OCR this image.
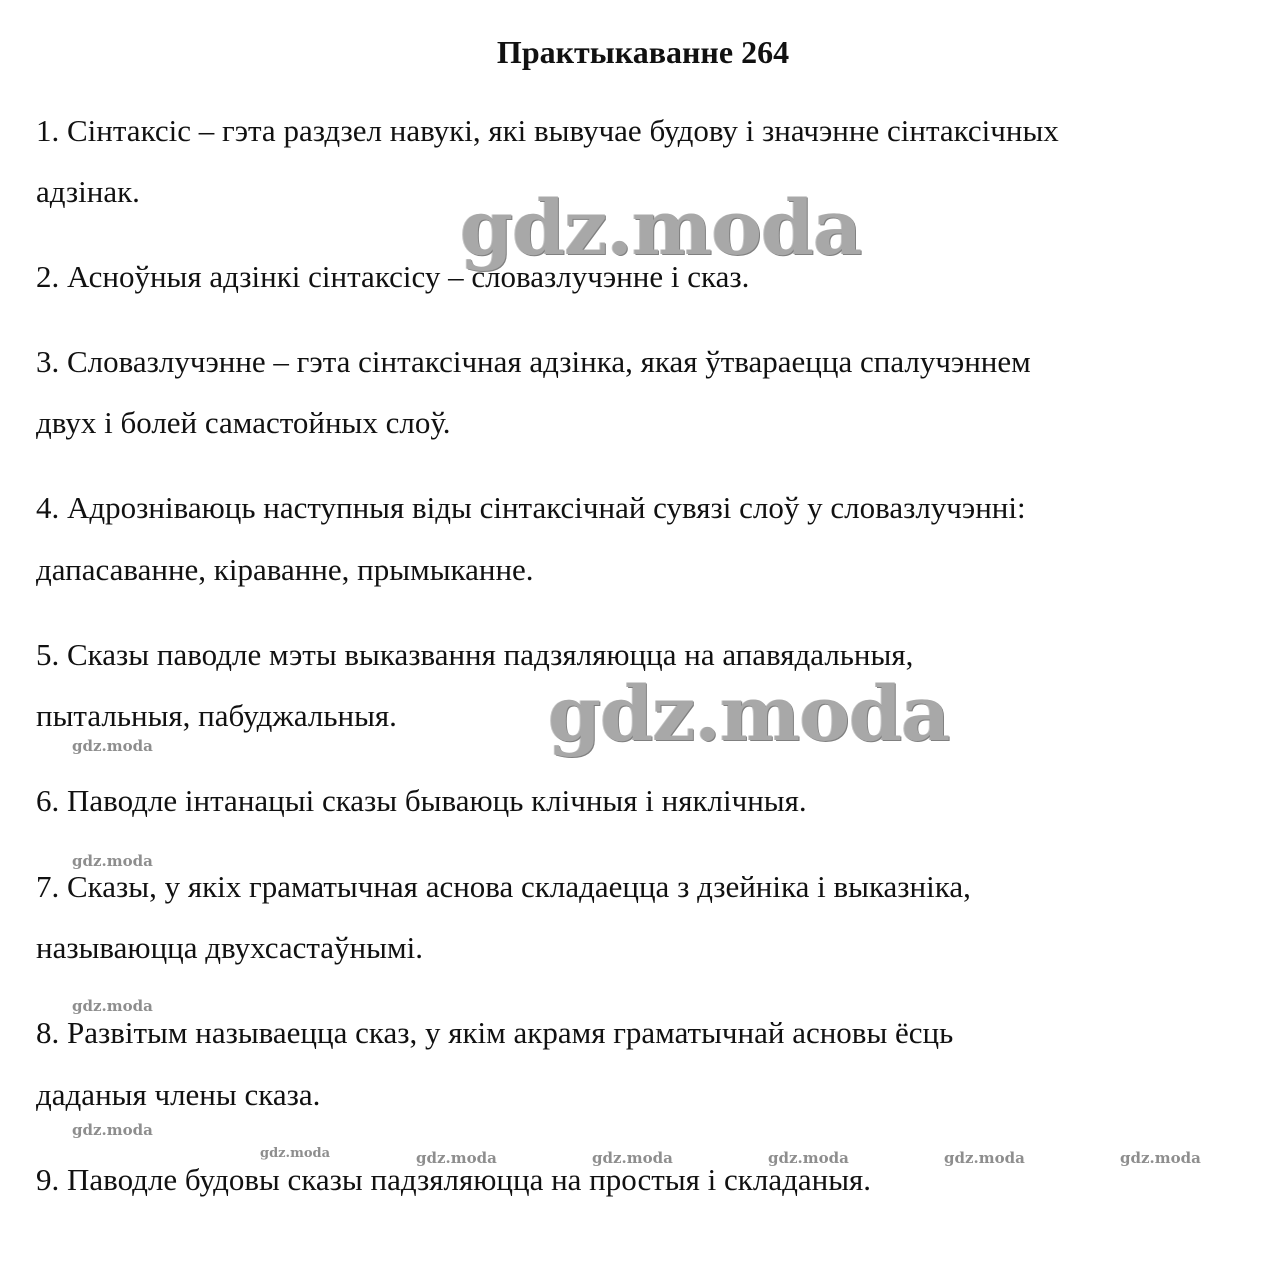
Практыкаванне 264
1. Сінтаксіс – гэта раздзел навукі, які вывучае будову і значэнне сінтаксічных
адзінак.
2. Асноўныя адзінкі сінтаксісу – словазлучэнне і сказ.
3. Словазлучэнне – гэта сінтаксічная адзінка, якая ўтвараецца спалучэннем
двух і болей самастойных слоў.
4. Адрозніваюць наступныя віды сінтаксічнай сувязі слоў у словазлучэнні:
дапасаванне, кіраванне, прымыканне.
5. Сказы паводле мэты выказвання падзяляюцца на апавядальныя,
пытальныя, пабуджальныя.
6. Паводле інтанацыі сказы бываюць клічныя і няклічныя.
7. Сказы, у якіх граматычная аснова складаецца з дзейніка і выказніка,
называюцца двухсастаўнымі.
8. Развітым называецца сказ, у якім акрамя граматычнай асновы ёсць
даданыя члены сказа.
9. Паводле будовы сказы падзяляюцца на простыя і складаныя.
gdz.moda
gdz.moda
gdz.moda
gdz.moda
gdz.moda
gdz.moda
gdz.moda	gdz.moda	gdz.moda	gdz.moda	gdz.moda	gdz.moda
